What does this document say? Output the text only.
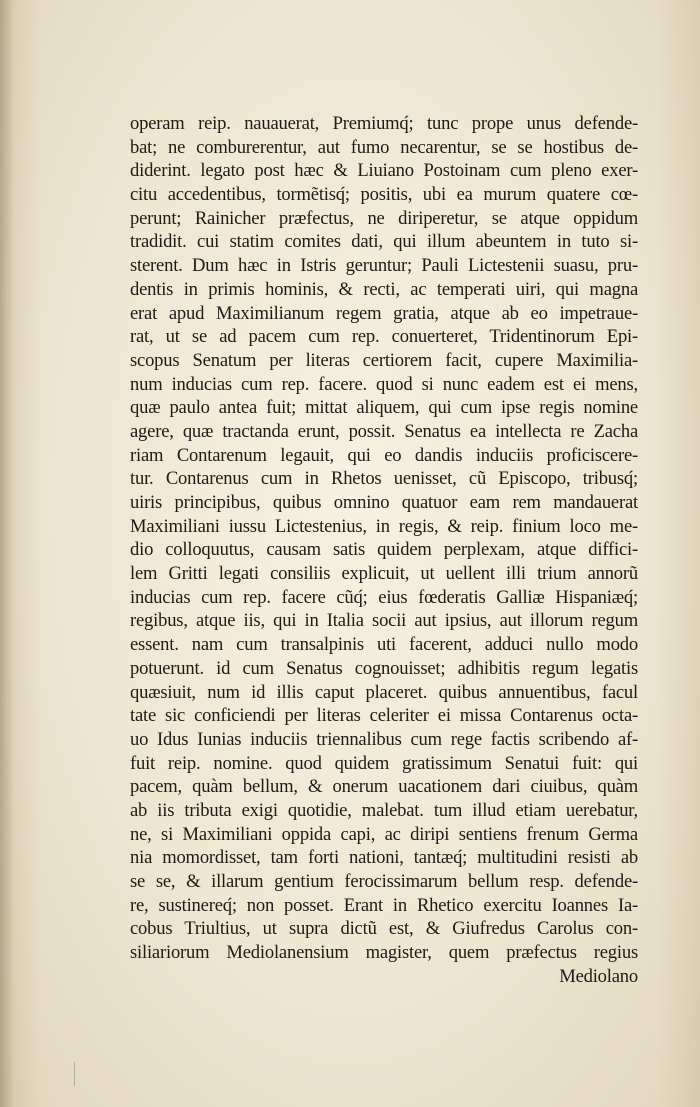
operam reip. nauauerat, Premiumq́; tunc prope unus defende-
bat; ne comburerentur, aut fumo necarentur, se se hostibus de-
diderint. legato post hæc & Liuiano Postoinam cum pleno exer-
citu accedentibus, tormẽtisq́; positis, ubi ea murum quatere cœ-
perunt; Rainicher præfectus, ne diriperetur, se atque oppidum
tradidit. cui statim comites dati, qui illum abeuntem in tuto si-
sterent. Dum hæc in Istris geruntur; Pauli Lictestenii suasu, pru-
dentis in primis hominis, & recti, ac temperati uiri, qui magna
erat apud Maximilianum regem gratia, atque ab eo impetraue-
rat, ut se ad pacem cum rep. conuerteret, Tridentinorum Epi-
scopus Senatum per literas certiorem facit, cupere Maximilia-
num inducias cum rep. facere. quod si nunc eadem est ei mens,
quæ paulo antea fuit; mittat aliquem, qui cum ipse regis nomine
agere, quæ tractanda erunt, possit. Senatus ea intellecta re Zacha
riam Contarenum legauit, qui eo dandis induciis proficiscere-
tur. Contarenus cum in Rhetos uenisset, cũ Episcopo, tribusq́;
uiris principibus, quibus omnino quatuor eam rem mandauerat
Maximiliani iussu Lictestenius, in regis, & reip. finium loco me-
dio colloquutus, causam satis quidem perplexam, atque diffici-
lem Gritti legati consiliis explicuit, ut uellent illi trium annorũ
inducias cum rep. facere cũq́; eius fœderatis Galliæ Hispaniæq́;
regibus, atque iis, qui in Italia socii aut ipsius, aut illorum regum
essent. nam cum transalpinis uti facerent, adduci nullo modo
potuerunt. id cum Senatus cognouisset; adhibitis regum legatis
quæsiuit, num id illis caput placeret. quibus annuentibus, facul
tate sic conficiendi per literas celeriter ei missa Contarenus octa-
uo Idus Iunias induciis triennalibus cum rege factis scribendo af-
fuit reip. nomine. quod quidem gratissimum Senatui fuit: qui
pacem, quàm bellum, & onerum uacationem dari ciuibus, quàm
ab iis tributa exigi quotidie, malebat. tum illud etiam uerebatur,
ne, si Maximiliani oppida capi, ac diripi sentiens frenum Germa
nia momordisset, tam forti nationi, tantæq́; multitudini resisti ab
se se, & illarum gentium ferocissimarum bellum resp. defende-
re, sustinereq́; non posset. Erant in Rhetico exercitu Ioannes Ia-
cobus Triultius, ut supra dictũ est, & Giufredus Carolus con-
siliariorum Mediolanensium magister, quem præfectus regius
Mediolano
